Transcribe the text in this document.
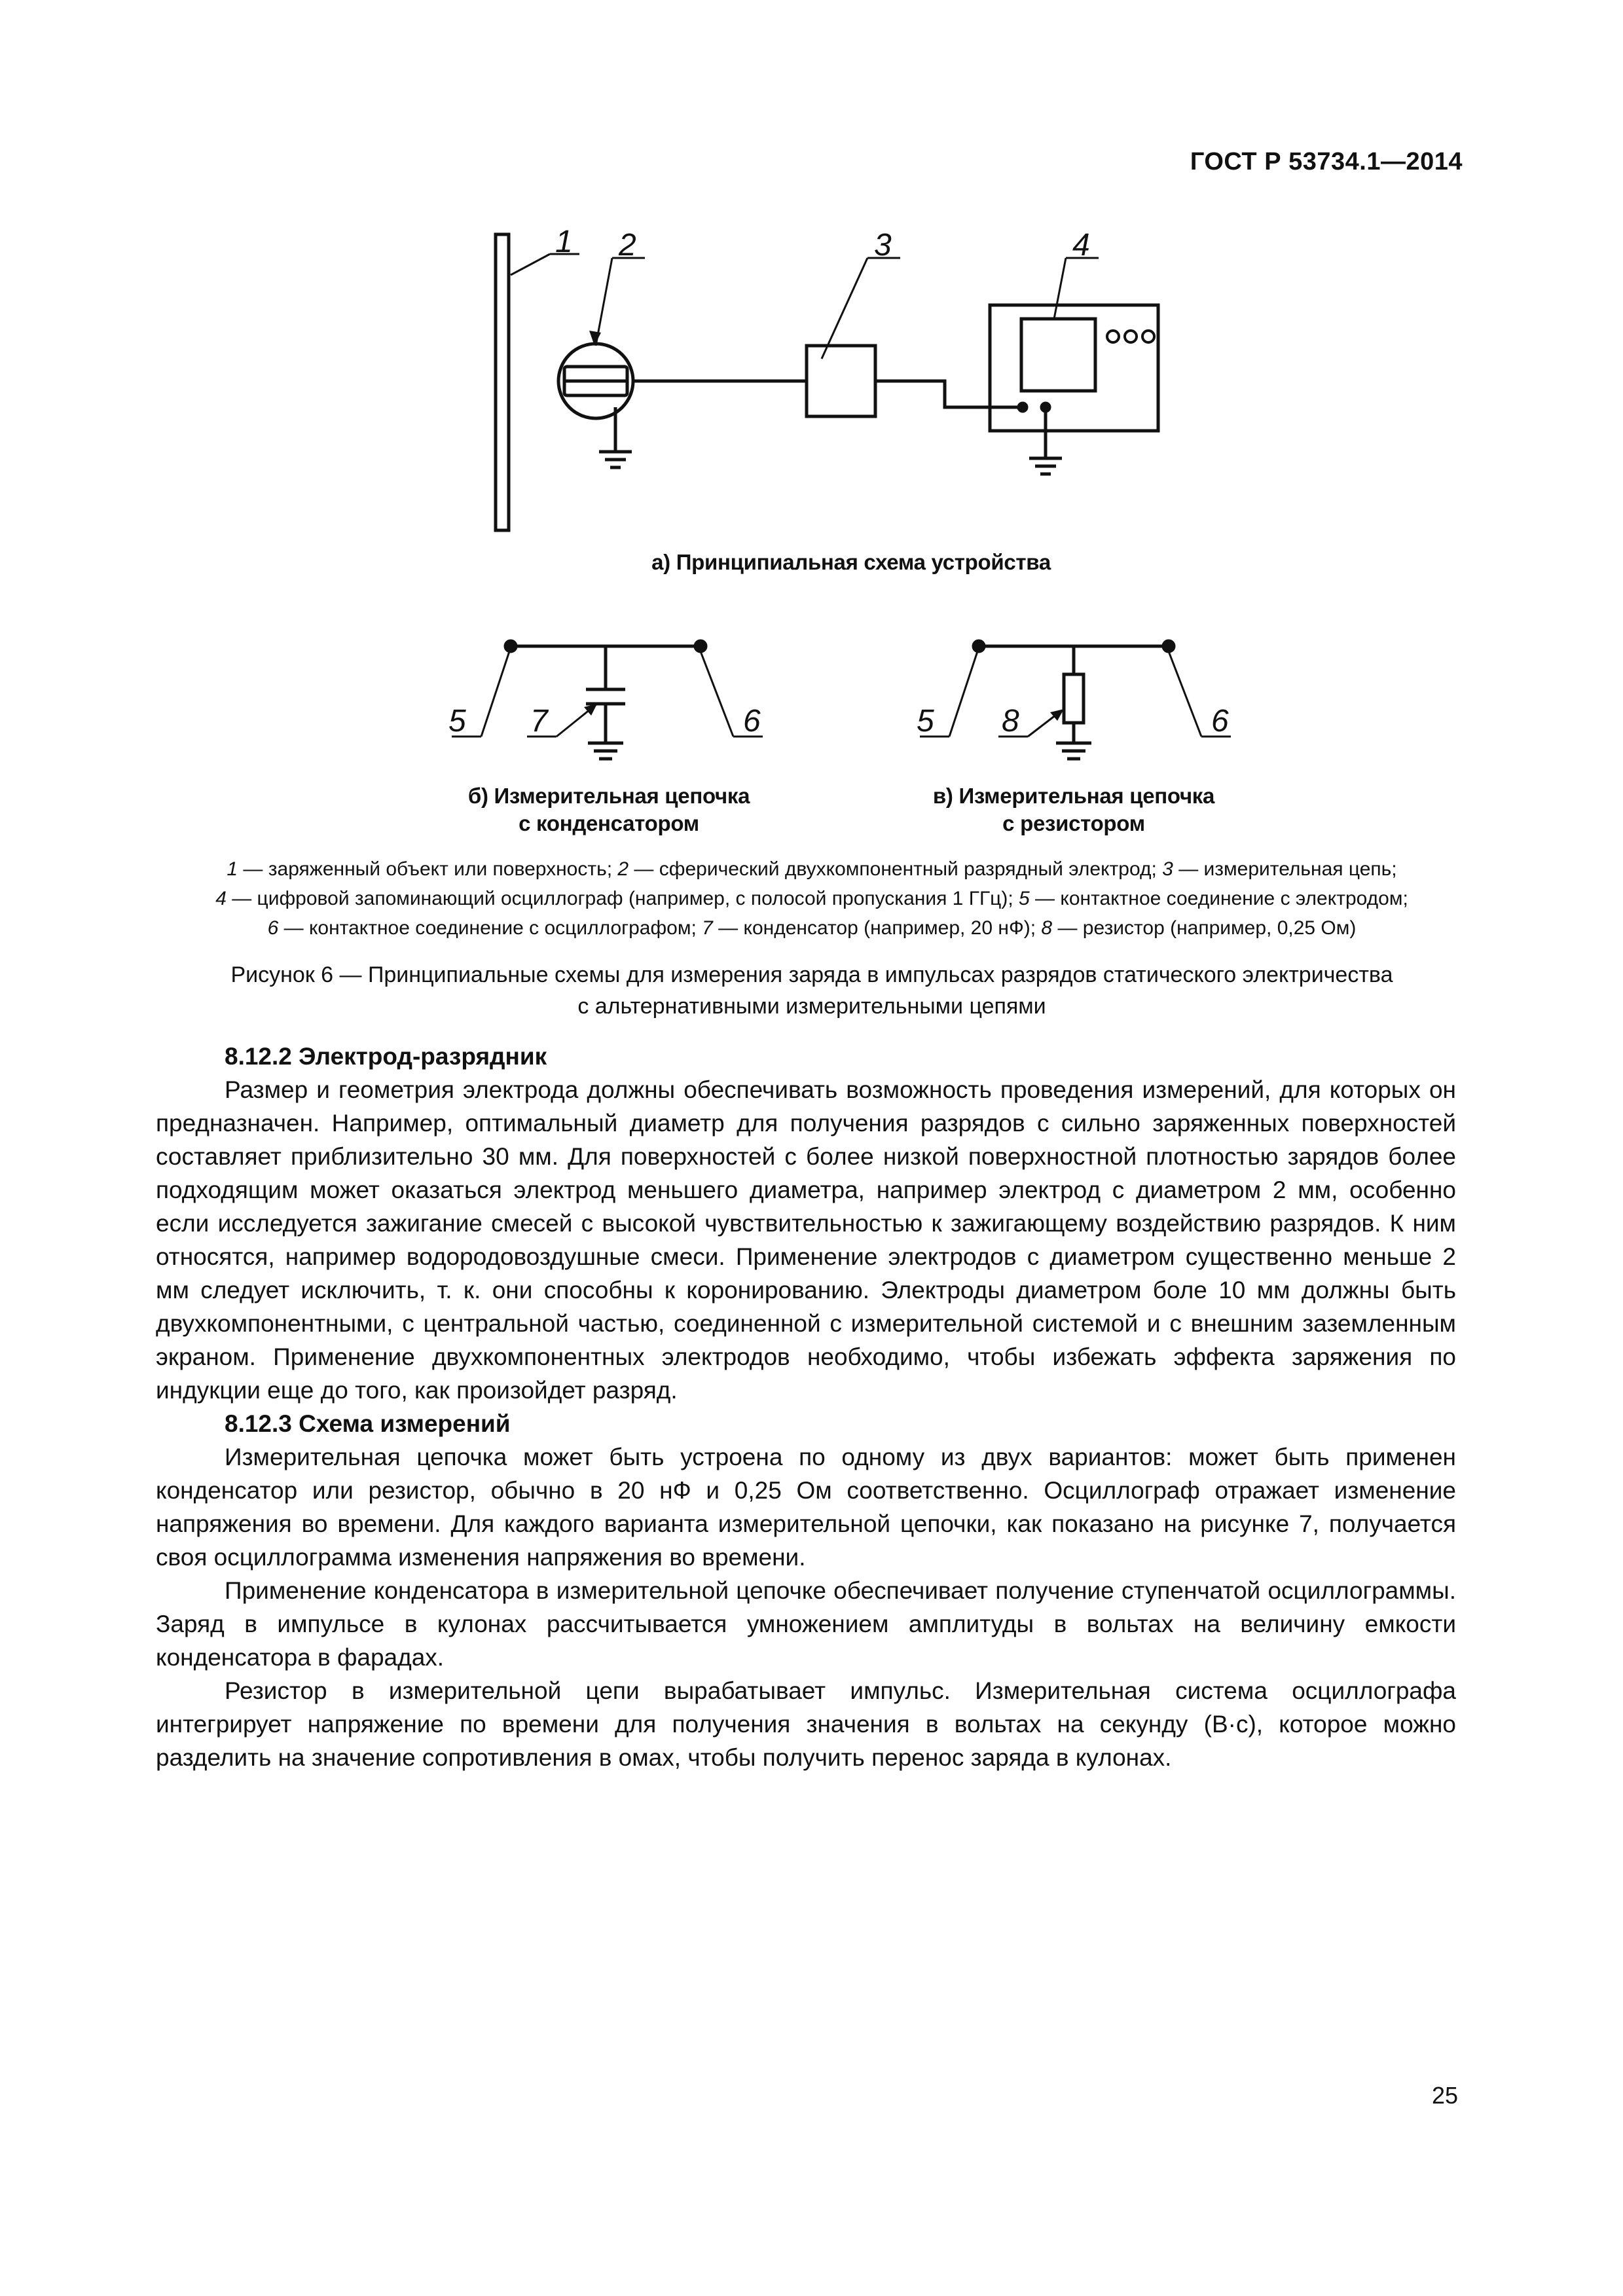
ГОСТ Р 53734.1—2014
1 2	3	4
5 7	6	5 8	6
а) Принципиальная схема устройства
б) Измерительная цепочка
с конденсатором
в) Измерительная цепочка
с резистором
1 — заряженный объект или поверхность; 2 — сферический двухкомпонентный разрядный электрод; 3 — измерительная цепь;
4 — цифровой запоминающий осциллограф (например, с полосой пропускания 1 ГГц); 5 — контактное соединение с электродом;
6 — контактное соединение с осциллографом; 7 — конденсатор (например, 20 нФ); 8 — резистор (например, 0,25 Ом)
Рисунок 6 — Принципиальные схемы для измерения заряда в импульсах разрядов статического электричества
с альтернативными измерительными цепями
8.12.2 Электрод-разрядник

Размер и геометрия электрода должны обеспечивать возможность проведения измерений, для которых он предназначен. Например, оптимальный диаметр для получения разрядов с сильно заряженных поверхностей составляет приблизительно 30 мм. Для поверхностей с более низкой поверхностной плотностью зарядов более подходящим может оказаться электрод меньшего диаметра, например электрод с диаметром 2 мм, особенно если исследуется зажигание смесей с высокой чувствительностью к зажигающему воздействию разрядов. К ним относятся, например водородовоздушные смеси. Применение электродов с диаметром существенно меньше 2 мм следует исключить, т. к. они способны к коронированию. Электроды диаметром боле 10 мм должны быть двухкомпонентными, с центральной частью, соединенной с измерительной системой и с внешним заземленным экраном. Применение двухкомпонентных электродов необходимо, чтобы избежать эффекта заряжения по индукции еще до того, как произойдет разряд.

8.12.3 Схема измерений

Измерительная цепочка может быть устроена по одному из двух вариантов: может быть применен конденсатор или резистор, обычно в 20 нФ и 0,25 Ом соответственно. Осциллограф отражает изменение напряжения во времени. Для каждого варианта измерительной цепочки, как показано на рисунке 7, получается своя осциллограмма изменения напряжения во времени.

Применение конденсатора в измерительной цепочке обеспечивает получение ступенчатой осциллограммы. Заряд в импульсе в кулонах рассчитывается умножением амплитуды в вольтах на величину емкости конденсатора в фарадах.

Резистор в измерительной цепи вырабатывает импульс. Измерительная система осциллографа интегрирует напряжение по времени для получения значения в вольтах на секунду (В·с), которое можно разделить на значение сопротивления в омах, чтобы получить перенос заряда в кулонах.

25
